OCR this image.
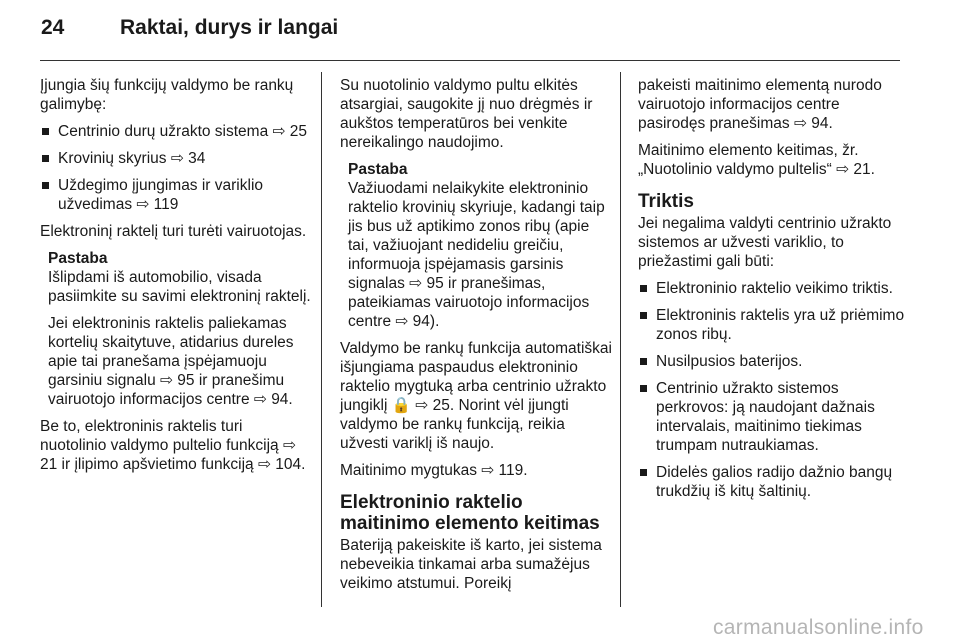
24	Raktai, durys ir langai

Įjungia šių funkcijų valdymo be rankų galimybę:

Centrinio durų užrakto sistema ⇨ 25
Krovinių skyrius ⇨ 34
Uždegimo įjungimas ir variklio užvedimas ⇨ 119

Elektroninį raktelį turi turėti vairuotojas.

Pastaba

Išlipdami iš automobilio, visada pasiimkite su savimi elektroninį raktelį.

Jei elektroninis raktelis paliekamas kortelių skaitytuve, atidarius dureles apie tai pranešama įspėjamuoju garsiniu signalu ⇨ 95 ir pranešimu vairuotojo informacijos centre ⇨ 94.

Be to, elektroninis raktelis turi nuotolinio valdymo pultelio funkciją ⇨ 21 ir įlipimo apšvietimo funkciją ⇨ 104.

Su nuotolinio valdymo pultu elkitės atsargiai, saugokite jį nuo drėgmės ir aukštos temperatūros bei venkite nereikalingo naudojimo.

Pastaba

Važiuodami nelaikykite elektroninio raktelio krovinių skyriuje, kadangi taip jis bus už aptikimo zonos ribų (apie tai, važiuojant nedideliu greičiu, informuoja įspėjamasis garsinis signalas ⇨ 95 ir pranešimas, pateikiamas vairuotojo informacijos centre ⇨ 94).

Valdymo be rankų funkcija automatiškai išjungiama paspaudus elektroninio raktelio mygtuką arba centrinio užrakto jungiklį 🔒 ⇨ 25. Norint vėl įjungti valdymo be rankų funkciją, reikia užvesti variklį iš naujo.

Maitinimo mygtukas ⇨ 119.

Elektroninio raktelio maitinimo elemento keitimas

Bateriją pakeiskite iš karto, jei sistema nebeveikia tinkamai arba sumažėjus veikimo atstumui. Poreikį

pakeisti maitinimo elementą nurodo vairuotojo informacijos centre pasirodęs pranešimas ⇨ 94.

Maitinimo elemento keitimas, žr. „Nuotolinio valdymo pultelis“ ⇨ 21.

Triktis

Jei negalima valdyti centrinio užrakto sistemos ar užvesti variklio, to priežastimi gali būti:

Elektroninio raktelio veikimo triktis.
Elektroninis raktelis yra už priėmimo zonos ribų.
Nusilpusios baterijos.
Centrinio užrakto sistemos perkrovos: ją naudojant dažnais intervalais, maitinimo tiekimas trumpam nutraukiamas.
Didelės galios radijo dažnio bangų trukdžių iš kitų šaltinių.
carmanualsonline.info
